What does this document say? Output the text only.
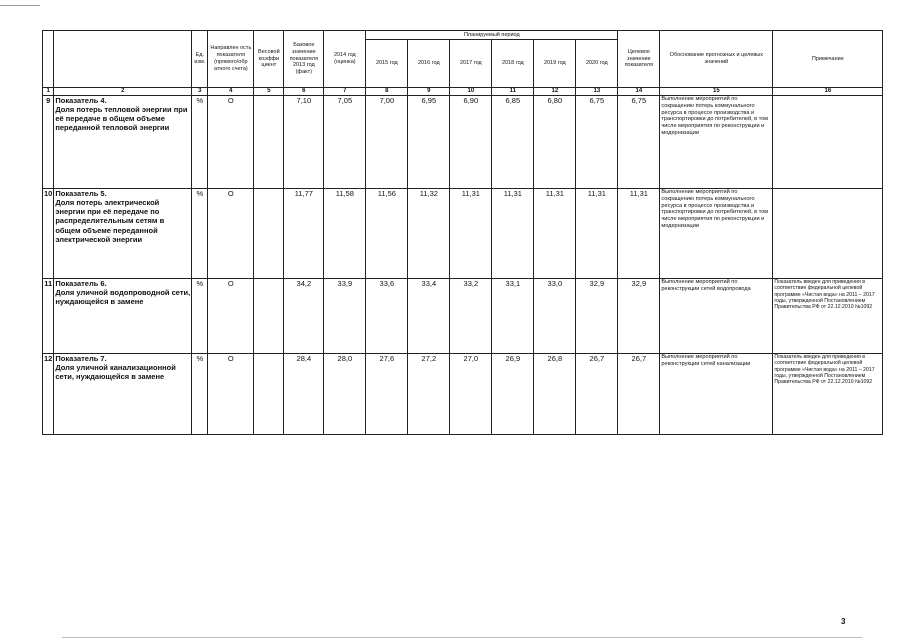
		Ед. изм.	Направлен ость показателя (прямого/обр атного счета)	Весовой коэффи циент	Базовое значение показателя 2013 год (факт)	2014 год (оценка)	Планируемый период						Целевое значение показателя	Обоснование прогнозных и целевых значений	Примечание
							2015 год	2016 год	2017 год	2018 год	2019 год	2020 год			
1	2	3	4	5	6	7	8	9	10	11	12	13	14	15	16
9	Показатель 4.
Доля потерь тепловой энергии при её передаче в общем объеме переданной тепловой энергии	%	О		7,10	7,05	7,00	6,95	6,90	6,85	6,80	6,75	6,75	Выполнение мероприятий по сокращению потерь коммунального ресурса в процессе производства и транспортировки до потребителей, в том числе мероприятия по реконструкции и модернизации	
10	Показатель 5.
Доля потерь электрической энергии при её передаче по распределительным сетям в общем объеме переданной электрической энергии	%	О		11,77	11,58	11,56	11,32	11,31	11,31	11,31	11,31	11,31	Выполнение мероприятий по сокращению потерь коммунального ресурса в процессе производства и транспортировки до потребителей, в том числе мероприятия по реконструкции и модернизации	
11	Показатель 6.
Доля уличной водопроводной сети, нуждающейся в замене	%	О		34,2	33,9	33,6	33,4	33,2	33,1	33,0	32,9	32,9	Выполнение мероприятий по реконструкции сетей водопровода	Показатель введен для приведения в соответствие федеральной целевой программе «Чистая вода» на 2011 – 2017 годы, утвержденной Постановлением Правительства РФ от 22.12.2010 №1092
12	Показатель 7.
Доля уличной канализационной сети, нуждающейся в замене	%	О		28,4	28,0	27,6	27,2	27,0	26,9	26,8	26,7	26,7	Выполнение мероприятий по реконструкции сетей канализации	Показатель введен для приведения в соответствие федеральной целевой программе «Чистая вода» на 2011 – 2017 годы, утвержденной Постановлением Правительства РФ от 22.12.2010 №1092
3
